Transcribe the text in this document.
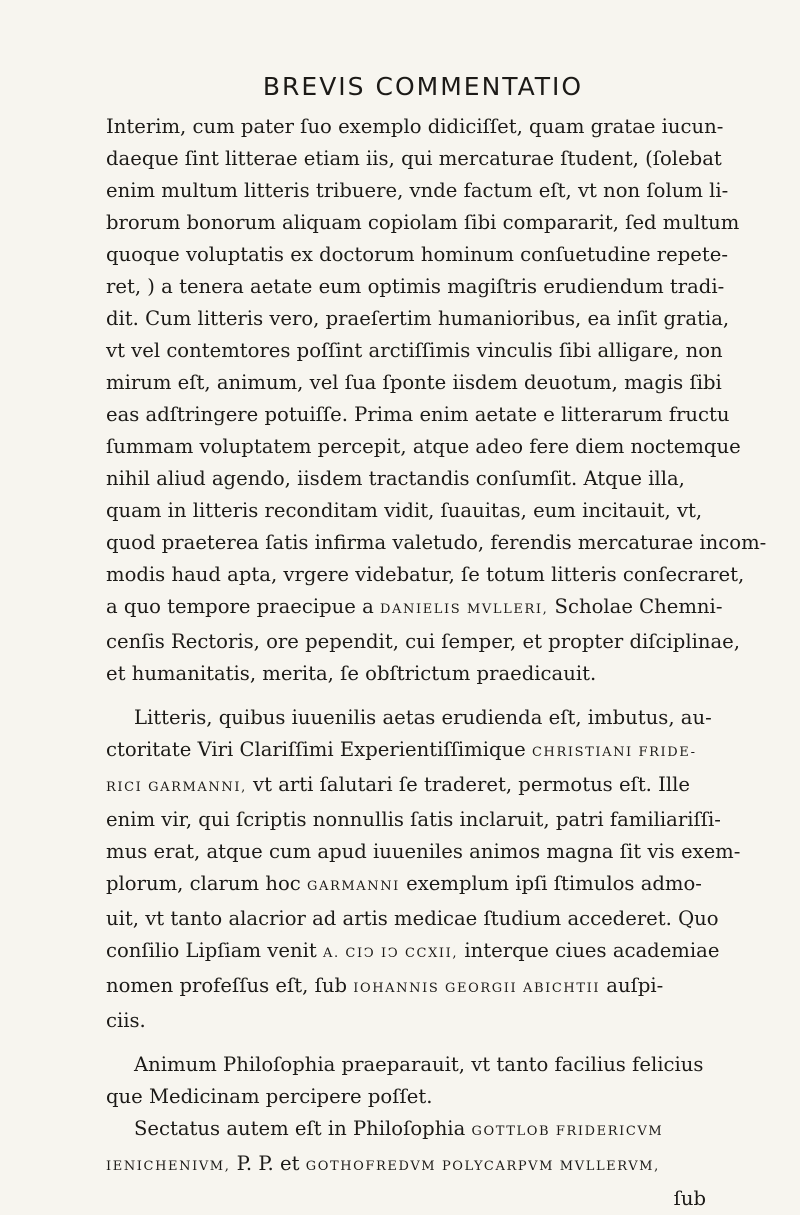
BREVIS COMMENTATIO
Interim, cum pater ſuo exemplo didiciſſet, quam gratae iucun-
daeque ſint litterae etiam iis, qui mercaturae ſtudent, (ſolebat
enim multum litteris tribuere, vnde factum eſt, vt non ſolum li-
brorum bonorum aliquam copiolam ſibi compararit, ſed multum
quoque voluptatis ex doctorum hominum conſuetudine repete-
ret, ) a tenera aetate eum optimis magiſtris erudiendum tradi-
dit. Cum litteris vero, praeſertim humanioribus, ea inſit gratia,
vt vel contemtores poſſint arctiſſimis vinculis ſibi alligare, non
mirum eſt, animum, vel ſua ſponte iisdem deuotum, magis ſibi
eas adſtringere potuiſſe. Prima enim aetate e litterarum fructu
ſummam voluptatem percepit, atque adeo fere diem noctemque
nihil aliud agendo, iisdem tractandis conſumſit. Atque illa,
quam in litteris reconditam vidit, ſuauitas, eum incitauit, vt,
quod praeterea ſatis infirma valetudo, ferendis mercaturae incom-
modis haud apta, vrgere videbatur, ſe totum litteris conſecraret,
a quo tempore praecipue a DANIELIS MVLLERI, Scholae Chemni-
cenſis Rectoris, ore pependit, cui ſemper, et propter diſciplinae,
et humanitatis, merita, ſe obſtrictum praedicauit.
Litteris, quibus iuuenilis aetas erudienda eſt, imbutus, au-
ctoritate Viri Clariſſimi Experientiſſimique CHRISTIANI FRIDE-
RICI GARMANNI, vt arti ſalutari ſe traderet, permotus eſt. Ille
enim vir, qui ſcriptis nonnullis ſatis inclaruit, patri familiariſſi-
mus erat, atque cum apud iuueniles animos magna ſit vis exem-
plorum, clarum hoc GARMANNI exemplum ipſi ſtimulos admo-
uit, vt tanto alacrior ad artis medicae ſtudium accederet. Quo
conſilio Lipſiam venit A. CIↃ IↃ CCXII, interque ciues academiae
nomen profeſſus eſt, ſub IOHANNIS GEORGII ABICHTII auſpi-
ciis.
Animum Philoſophia praeparauit, vt tanto facilius felicius
que Medicinam percipere poſſet.
Sectatus autem eſt in Philoſophia GOTTLOB FRIDERICVM
IENICHENIVM, P. P. et GOTHOFREDVM POLYCARPVM MVLLERVM,
ſub
